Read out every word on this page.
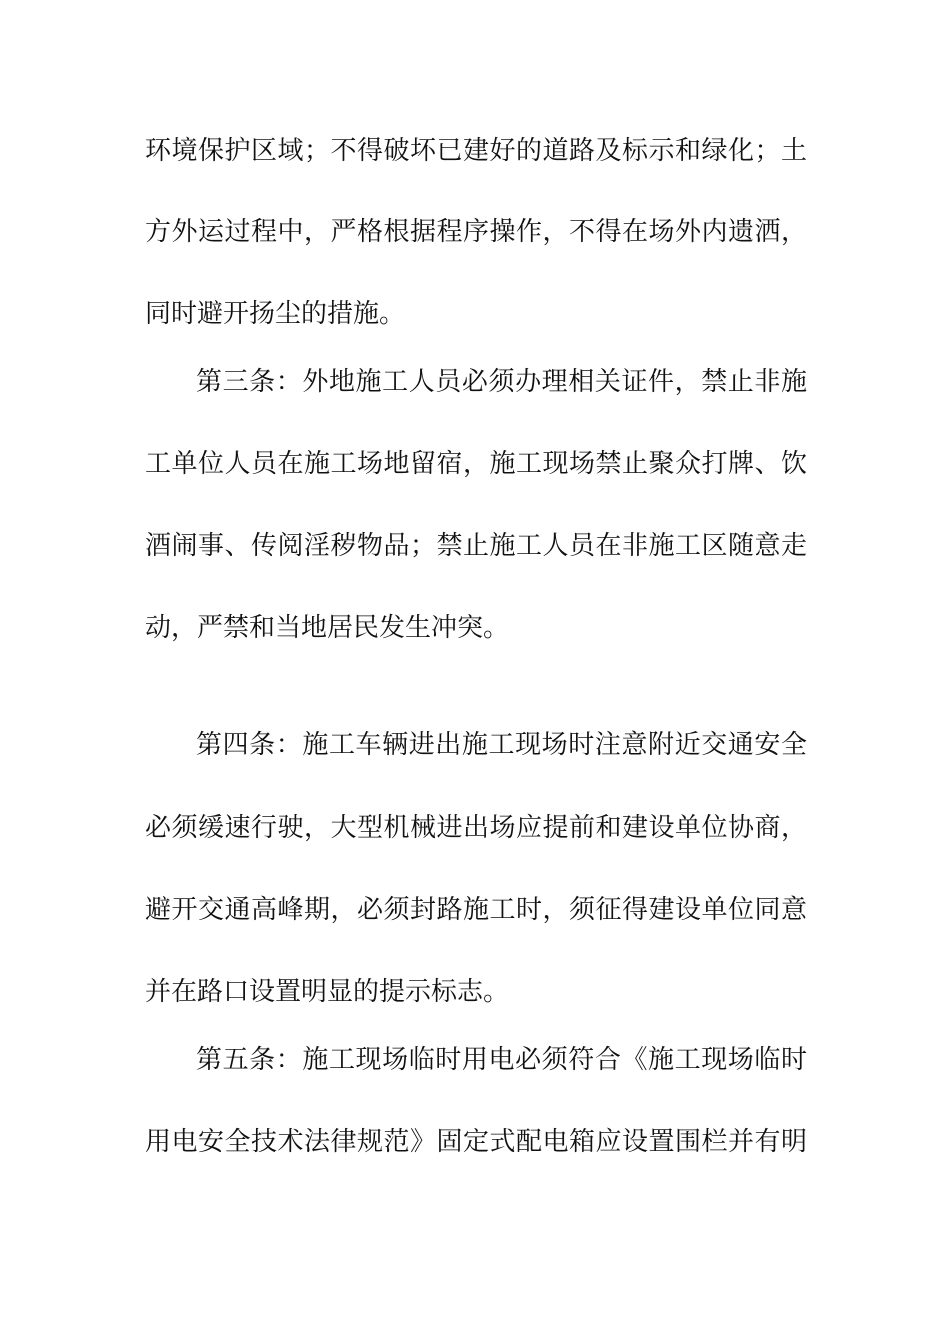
环境保护区域；不得破坏已建好的道路及标示和绿化；土
方外运过程中，严格根据程序操作，不得在场外内遗洒，
同时避开扬尘的措施。
第三条：外地施工人员必须办理相关证件，禁止非施
工单位人员在施工场地留宿，施工现场禁止聚众打牌、饮
酒闹事、传阅淫秽物品；禁止施工人员在非施工区随意走
动，严禁和当地居民发生冲突。
第四条：施工车辆进出施工现场时注意附近交通安全
必须缓速行驶，大型机械进出场应提前和建设单位协商，
避开交通高峰期，必须封路施工时，须征得建设单位同意
并在路口设置明显的提示标志。
第五条：施工现场临时用电必须符合《施工现场临时
用电安全技术法律规范》固定式配电箱应设置围栏并有明
